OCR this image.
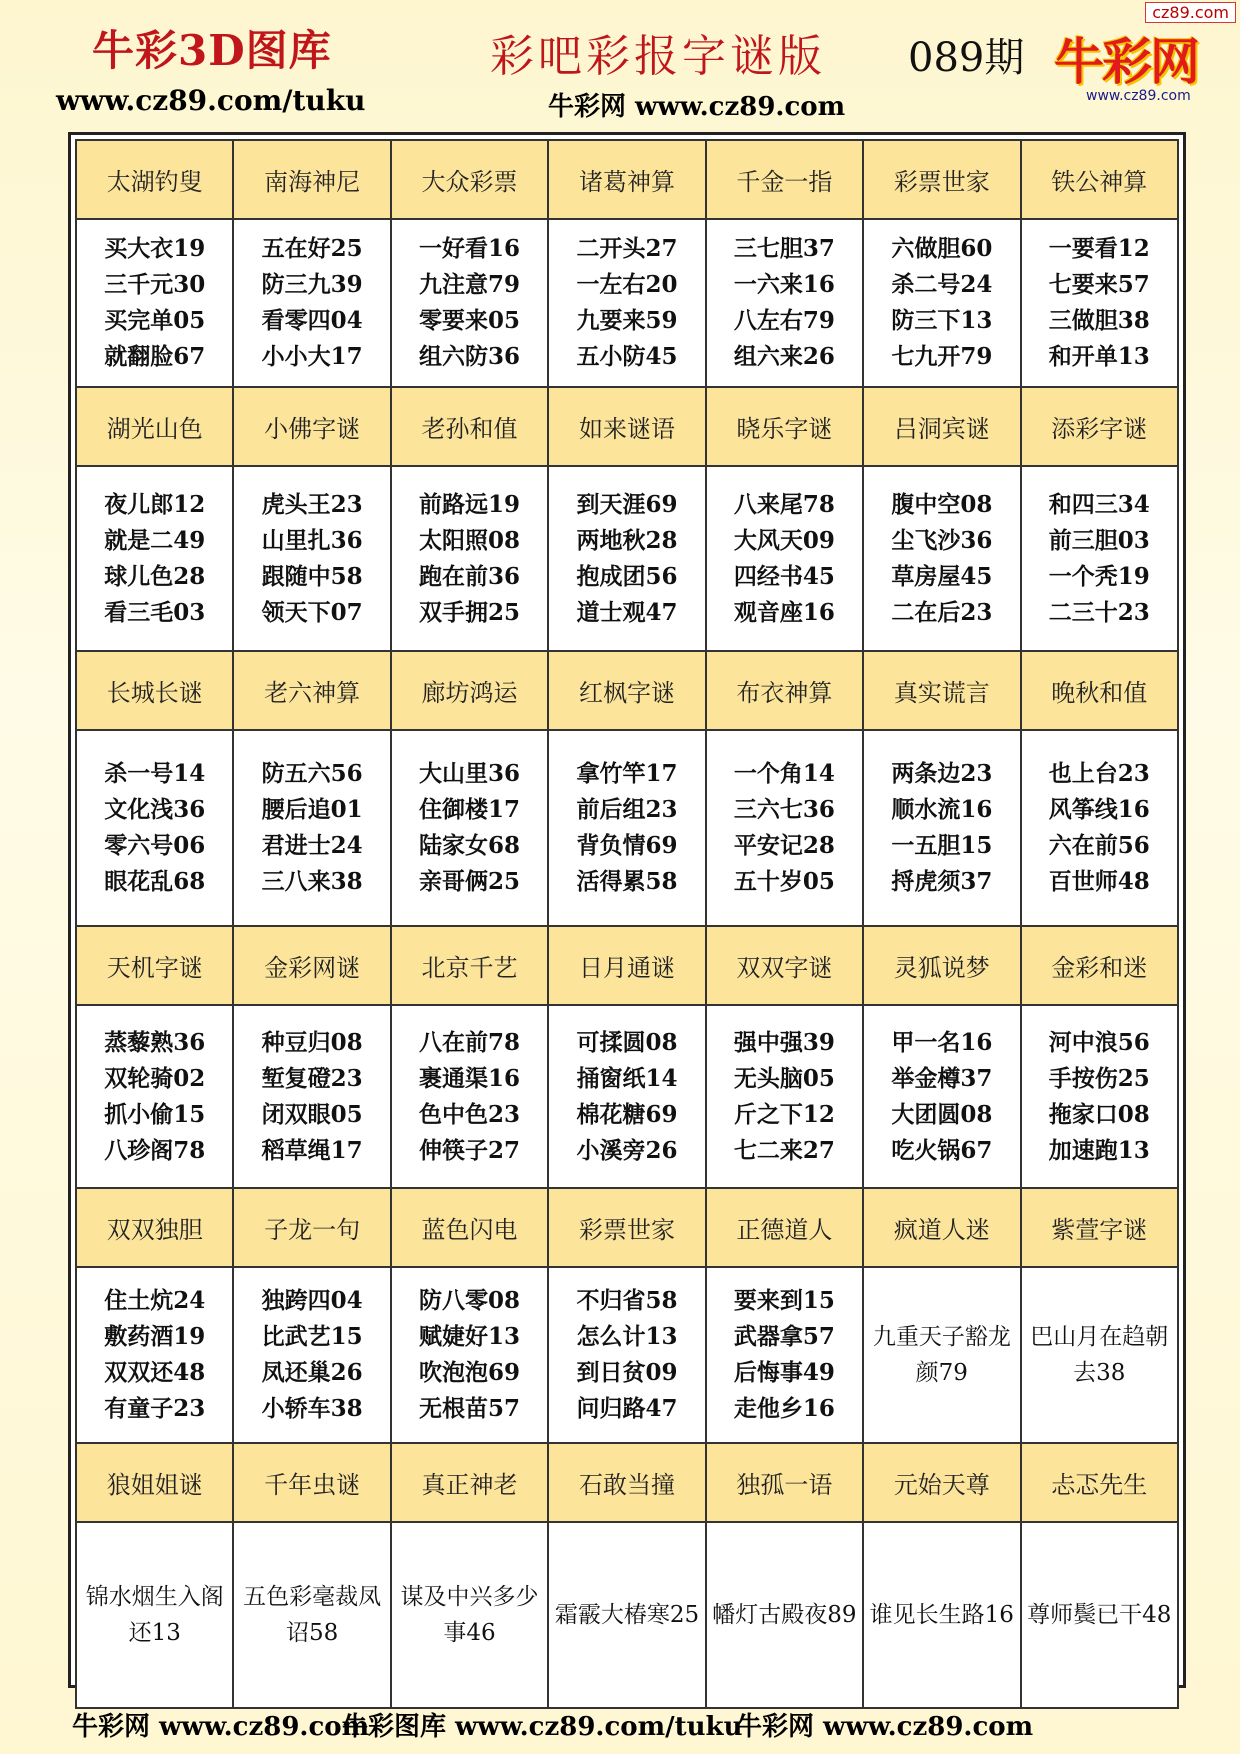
cz89.com
牛彩3D图库
www.cz89.com/tuku
彩吧彩报字谜版 089期
牛彩网 www.cz89.com
牛彩网
www.cz89.com
太湖钓叟	南海神尼	大众彩票	诸葛神算	千金一指	彩票世家	铁公神算

买大衣19
三千元30
买完单05
就翻脸67	五在好25
防三九39
看零四04
小小大17	一好看16
九注意79
零要来05
组六防36	二开头27
一左右20
九要来59
五小防45	三七胆37
一六来16
八左右79
组六来26	六做胆60
杀二号24
防三下13
七九开79	一要看12
七要来57
三做胆38
和开单13

湖光山色	小佛字谜	老孙和值	如来谜语	晓乐字谜	吕洞宾谜	添彩字谜

夜儿郎12
就是二49
球儿色28
看三毛03	虎头王23
山里扎36
跟随中58
领天下07	前路远19
太阳照08
跑在前36
双手拥25	到天涯69
两地秋28
抱成团56
道士观47	八来尾78
大风天09
四经书45
观音座16	腹中空08
尘飞沙36
草房屋45
二在后23	和四三34
前三胆03
一个秃19
二三十23

长城长谜	老六神算	廊坊鸿运	红枫字谜	布衣神算	真实谎言	晚秋和值

杀一号14
文化浅36
零六号06
眼花乱68	防五六56
腰后追01
君进士24
三八来38	大山里36
住御楼17
陆家女68
亲哥俩25	拿竹竿17
前后组23
背负情69
活得累58	一个角14
三六七36
平安记28
五十岁05	两条边23
顺水流16
一五胆15
捋虎须37	也上台23
风筝线16
六在前56
百世师48

天机字谜	金彩网谜	北京千艺	日月通谜	双双字谜	灵狐说梦	金彩和迷

蒸藜熟36
双轮骑02
抓小偷15
八珍阁78	种豆归08
堑复磴23
闭双眼05
稻草绳17	八在前78
裹通渠16
色中色23
伸筷子27	可揉圆08
捅窗纸14
棉花糖69
小溪旁26	强中强39
无头脑05
斤之下12
七二来27	甲一名16
举金樽37
大团圆08
吃火锅67	河中浪56
手按伤25
拖家口08
加速跑13

双双独胆	子龙一句	蓝色闪电	彩票世家	正德道人	疯道人迷	紫萱字谜

住土炕24
敷药酒19
双双还48
有童子23	独跨四04
比武艺15
凤还巢26
小轿车38	防八零08
赋婕好13
吹泡泡69
无根苗57	不归省58
怎么计13
到日贫09
问归路47	要来到15
武器拿57
后悔事49
走他乡16	九重天子豁龙颜79	巴山月在趋朝去38

狼姐姐谜	千年虫谜	真正神老	石敢当撞	独孤一语	元始天尊	忐忑先生

锦水烟生入阁还13	五色彩毫裁凤诏58	谋及中兴多少事46	霜霰大椿寒25	幡灯古殿夜89	谁见长生路16	尊师鬓已干48
牛彩网 www.cz89.com
牛彩图库 www.cz89.com/tuku
牛彩网 www.cz89.com
